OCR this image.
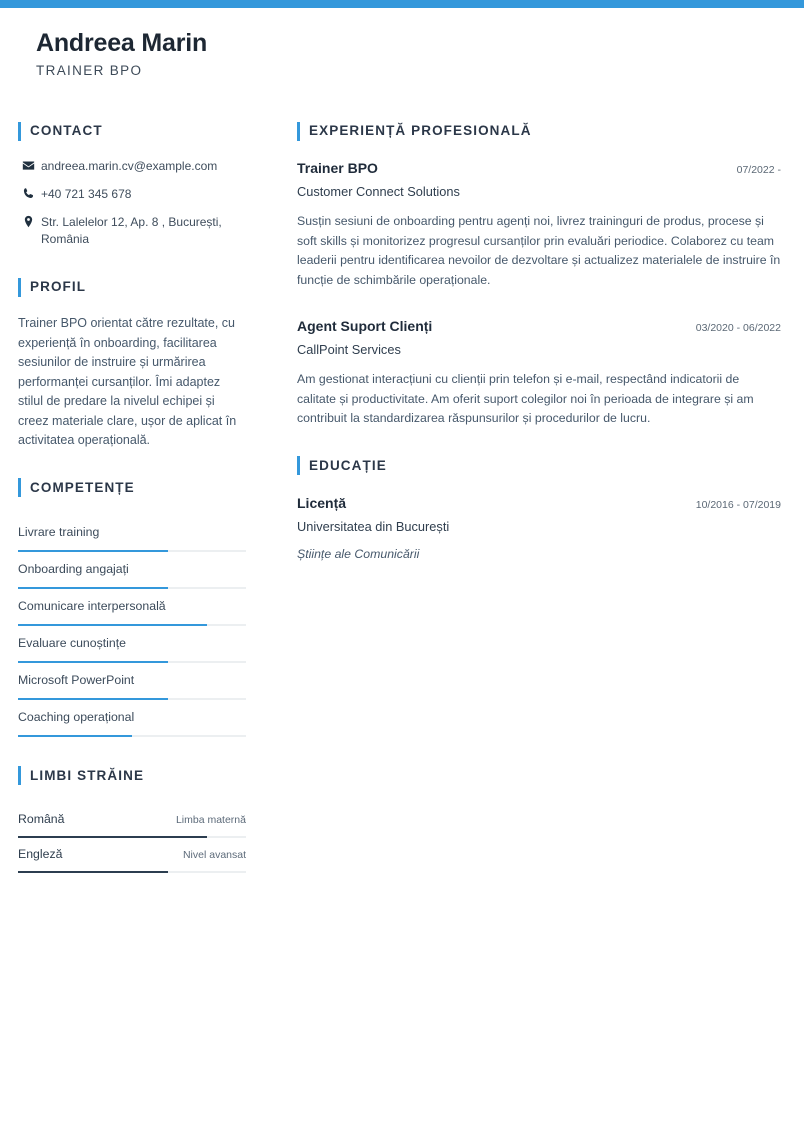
Andreea Marin
TRAINER BPO
CONTACT
andreea.marin.cv@example.com
+40 721 345 678
Str. Lalelelor 12, Ap. 8 , București, România
PROFIL
Trainer BPO orientat către rezultate, cu experiență în onboarding, facilitarea sesiunilor de instruire și urmărirea performanței cursanților. Îmi adaptez stilul de predare la nivelul echipei și creez materiale clare, ușor de aplicat în activitatea operațională.
COMPETENȚE
Livrare training
Onboarding angajați
Comunicare interpersonală
Evaluare cunoștințe
Microsoft PowerPoint
Coaching operațional
LIMBI STRĂINE
Română	Limba maternă
Engleză	Nivel avansat
EXPERIENȚĂ PROFESIONALĂ
Trainer BPO	07/2022 -
Customer Connect Solutions
Susțin sesiuni de onboarding pentru agenți noi, livrez traininguri de produs, procese și soft skills și monitorizez progresul cursanților prin evaluări periodice. Colaborez cu team leaderii pentru identificarea nevoilor de dezvoltare și actualizez materialele de instruire în funcție de schimbările operaționale.
Agent Suport Clienți	03/2020 - 06/2022
CallPoint Services
Am gestionat interacțiuni cu clienții prin telefon și e-mail, respectând indicatorii de calitate și productivitate. Am oferit suport colegilor noi în perioada de integrare și am contribuit la standardizarea răspunsurilor și procedurilor de lucru.
EDUCAȚIE
Licență	10/2016 - 07/2019
Universitatea din București
Științe ale Comunicării
